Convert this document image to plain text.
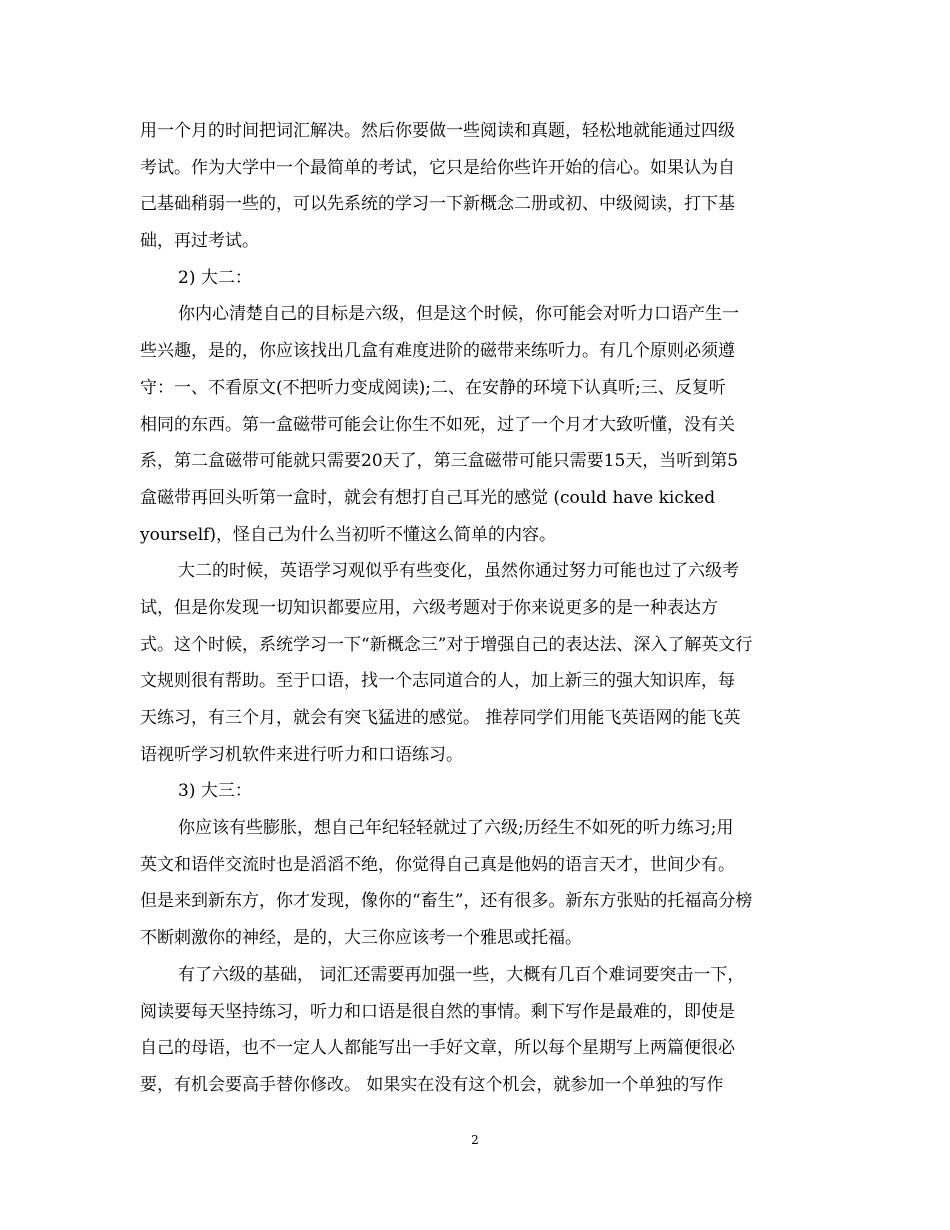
用一个月的时间把词汇解决。然后你要做一些阅读和真题，轻松地就能通过四级
考试。作为大学中一个最简单的考试，它只是给你些许开始的信心。如果认为自
己基础稍弱一些的，可以先系统的学习一下新概念二册或初、中级阅读，打下基
础，再过考试。
2) 大二：
你内心清楚自己的目标是六级，但是这个时候，你可能会对听力口语产生一
些兴趣，是的，你应该找出几盒有难度进阶的磁带来练听力。有几个原则必须遵
守：一、不看原文(不把听力变成阅读);二、在安静的环境下认真听;三、反复听
相同的东西。第一盒磁带可能会让你生不如死，过了一个月才大致听懂，没有关
系，第二盒磁带可能就只需要20天了，第三盒磁带可能只需要15天，当听到第5
盒磁带再回头听第一盒时，就会有想打自己耳光的感觉 (could have kicked
yourself)，怪自己为什么当初听不懂这么简单的内容。
大二的时候，英语学习观似乎有些变化，虽然你通过努力可能也过了六级考
试，但是你发现一切知识都要应用，六级考题对于你来说更多的是一种表达方
式。这个时候，系统学习一下“新概念三”对于增强自己的表达法、深入了解英文行
文规则很有帮助。至于口语，找一个志同道合的人，加上新三的强大知识库，每
天练习，有三个月，就会有突飞猛进的感觉。 推荐同学们用能飞英语网的能飞英
语视听学习机软件来进行听力和口语练习。
3) 大三：
你应该有些膨胀，想自己年纪轻轻就过了六级;历经生不如死的听力练习;用
英文和语伴交流时也是滔滔不绝，你觉得自己真是他妈的语言天才，世间少有。
但是来到新东方，你才发现，像你的“畜生”，还有很多。新东方张贴的托福高分榜
不断刺激你的神经，是的，大三你应该考一个雅思或托福。
有了六级的基础， 词汇还需要再加强一些，大概有几百个难词要突击一下，
阅读要每天坚持练习，听力和口语是很自然的事情。剩下写作是最难的，即使是
自己的母语，也不一定人人都能写出一手好文章，所以每个星期写上两篇便很必
要，有机会要高手替你修改。 如果实在没有这个机会，就参加一个单独的写作
2
